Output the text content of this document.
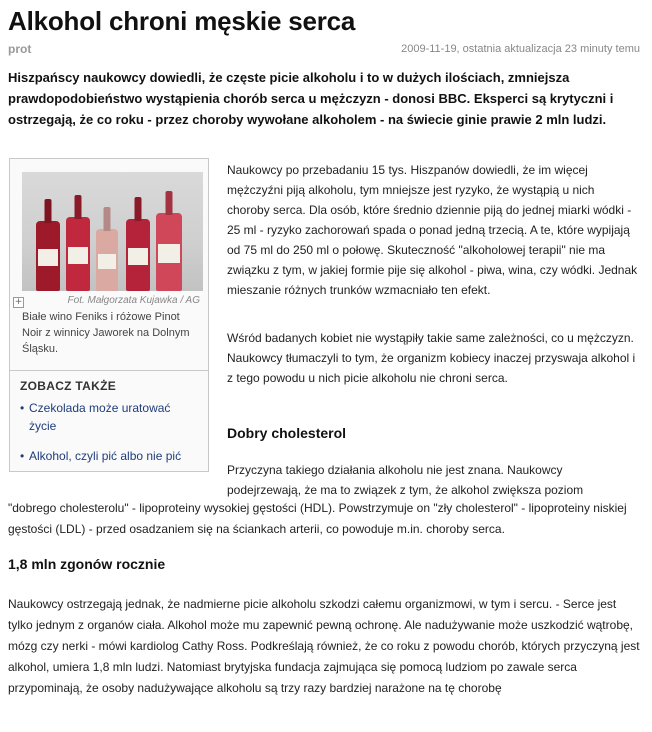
Alkohol chroni męskie serca
prot	2009-11-19, ostatnia aktualizacja 23 minuty temu

Hiszpańscy naukowcy dowiedli, że częste picie alkoholu i to w dużych ilościach, zmniejsza prawdopodobieństwo wystąpienia chorób serca u mężczyzn - donosi BBC. Eksperci są krytyczni i ostrzegają, że co roku - przez choroby wywołane alkoholem - na świecie ginie prawie 2 mln ludzi.

+	Fot. Małgorzata Kujawka / AG

Białe wino Feniks i różowe Pinot Noir z winnicy Jaworek na Dolnym Śląsku.

ZOBACZ TAKŻE
• Czekolada może uratować życie
• Alkohol, czyli pić albo nie pić

Naukowcy po przebadaniu 15 tys. Hiszpanów dowiedli, że im więcej mężczyźni piją alkoholu, tym mniejsze jest ryzyko, że wystąpią u nich choroby serca. Dla osób, które średnio dziennie piją do jednej miarki wódki - 25 ml - ryzyko zachorowań spada o ponad jedną trzecią. A te, które wypijają od 75 ml do 250 ml o połowę. Skuteczność "alkoholowej terapii" nie ma związku z tym, w jakiej formie pije się alkohol - piwa, wina, czy wódki. Jednak mieszanie różnych trunków wzmacniało ten efekt.

Wśród badanych kobiet nie wystąpiły takie same zależności, co u mężczyzn. Naukowcy tłumaczyli to tym, że organizm kobiecy inaczej przyswaja alkohol i z tego powodu u nich picie alkoholu nie chroni serca.

Dobry cholesterol

Przyczyna takiego działania alkoholu nie jest znana. Naukowcy podejrzewają, że ma to związek z tym, że alkohol zwiększa poziom

"dobrego cholesterolu" - lipoproteiny wysokiej gęstości (HDL). Powstrzymuje on "zły cholesterol" - lipoproteiny niskiej gęstości (LDL) - przed osadzaniem się na ściankach arterii, co powoduje m.in. choroby serca.

1,8 mln zgonów rocznie

Naukowcy ostrzegają jednak, że nadmierne picie alkoholu szkodzi całemu organizmowi, w tym i sercu. - Serce jest tylko jednym z organów ciała. Alkohol może mu zapewnić pewną ochronę. Ale nadużywanie może uszkodzić wątrobę, mózg czy nerki - mówi kardiolog Cathy Ross. Podkreślają również, że co roku z powodu chorób, których przyczyną jest alkohol, umiera 1,8 mln ludzi. Natomiast brytyjska fundacja zajmująca się pomocą ludziom po zawale serca przypominają, że osoby nadużywające alkoholu są trzy razy bardziej narażone na tę chorobę
